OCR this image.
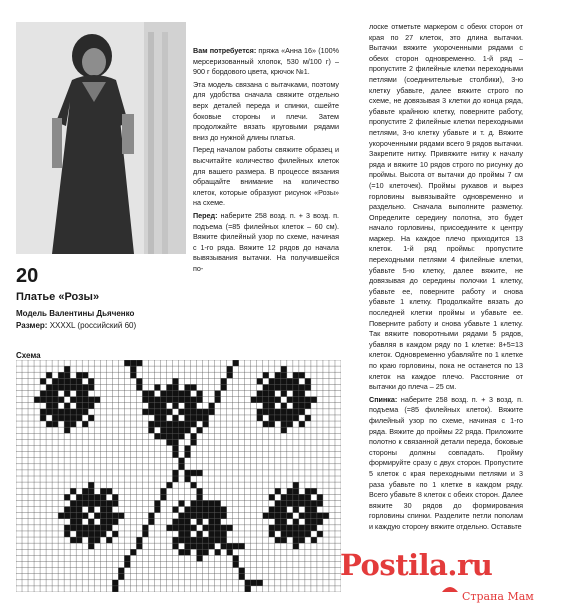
20
Платье «Розы»
Модель Валентины Дьяченко
Размер: XXXXL (российский 60)
Схема

Вам потребуется: пряжа «Анна 16» (100% мерсеризованный хлопок, 530 м/100 г) – 900 г бордового цвета, крючок №1.

Эта модель связана с вытачками, поэтому для удобства сначала свяжите отдельно верх деталей переда и спинки, сшейте боковые стороны и плечи. Затем продолжайте вязать круговыми рядами вниз до нужной длины платья.

Перед началом работы свяжите образец и высчитайте количество филейных клеток для вашего размера. В процессе вязания обращайте внимание на количество клеток, которые образуют рисунок «Розы» на схеме.

Перед: наберите 258 возд. п. + 3 возд. п. подъема (=85 филейных клеток – 60 см). Вяжите филейный узор по схеме, начиная с 1-го ряда. Вяжите 12 рядов до начала вывязывания вытачки. На получившейся по-

лоске отметьте маркером с обеих сторон от края по 27 клеток, это длина вытачки. Вытачки вяжите укороченными рядами с обеих сторон одновременно. 1-й ряд – пропустите 2 филейные клетки переходными петлями (соединительные столбики), 3-ю клетку убавьте, далее вяжите строго по схеме, не довязывая 3 клетки до конца ряда, убавьте крайнюю клетку, поверните работу, пропустите 2 филейные клетки переходными петлями, 3-ю клетку убавьте и т. д. Вяжите укороченными рядами всего 9 рядов вытачки. Закрепите нитку. Привяжите нитку к началу ряда и вяжите 10 рядов строго по рисунку до проймы. Высота от вытачки до проймы 7 см (=10 клеточек). Проймы рукавов и вырез горловины вывязывайте одновременно и раздельно. Сначала выполните разметку. Определите середину полотна, это будет начало горловины, присоедините к центру маркер. На каждое плечо приходится 13 клеток. 1-й ряд проймы: пропустите переходными петлями 4 филейные клетки, убавьте 5-ю клетку, далее вяжите, не довязывая до середины полочки 1 клетку, убавьте ее, поверните работу и снова убавьте 1 клетку. Продолжайте вязать до последней клетки проймы и убавьте ее. Поверните работу и снова убавьте 1 клетку. Так вяжите поворотными рядами 5 рядов, убавляя в каждом ряду по 1 клетке: 8+5=13 клеток. Одновременно убавляйте по 1 клетке по краю горловины, пока не останется по 13 клеток на каждое плечо. Расстояние от вытачки до плеча – 25 см.

Спинка: наберите 258 возд. п. + 3 возд. п. подъема (=85 филейных клеток). Вяжите филейный узор по схеме, начиная с 1-го ряда. Вяжите до проймы 22 ряда. Приложите полотно к связанной детали переда, боковые стороны должны совпадать. Пройму формируйте сразу с двух сторон. Пропустите 5 клеток с края переходными петлями и 3 раза убавьте по 1 клетке в каждом ряду. Всего убавьте 8 клеток с обеих сторон. Далее вяжите 30 рядов до формирования горловины спинки. Разделите петли пополам и каждую сторону вяжите отдельно. Оставьте

Postila.ru
Страна Мам
